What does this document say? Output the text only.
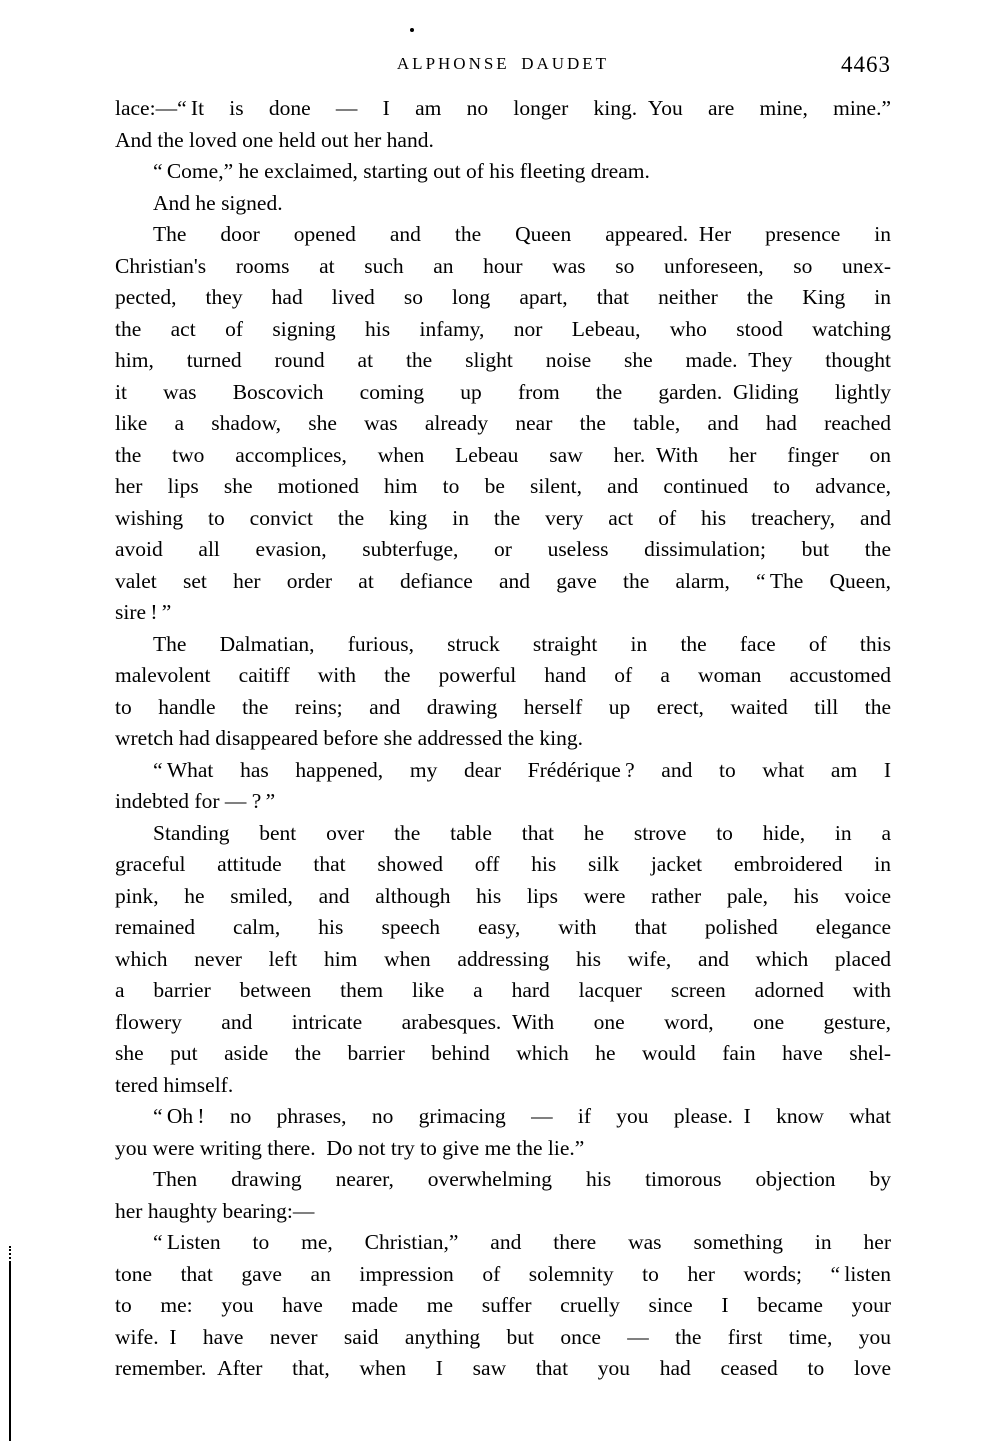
ALPHONSE DAUDET	4463
lace:—“ It is done — I am no longer king. You are mine, mine.”
And the loved one held out her hand.
“ Come,” he exclaimed, starting out of his fleeting dream.
And he signed.
The door opened and the Queen appeared. Her presence in
Christian's rooms at such an hour was so unforeseen, so unex-
pected, they had lived so long apart, that neither the King in
the act of signing his infamy, nor Lebeau, who stood watching
him, turned round at the slight noise she made. They thought
it was Boscovich coming up from the garden. Gliding lightly
like a shadow, she was already near the table, and had reached
the two accomplices, when Lebeau saw her. With her finger on
her lips she motioned him to be silent, and continued to advance,
wishing to convict the king in the very act of his treachery, and
avoid all evasion, subterfuge, or useless dissimulation; but the
valet set her order at defiance and gave the alarm, “ The Queen,
sire ! ”
The Dalmatian, furious, struck straight in the face of this
malevolent caitiff with the powerful hand of a woman accustomed
to handle the reins; and drawing herself up erect, waited till the
wretch had disappeared before she addressed the king.
“ What has happened, my dear Frédérique ? and to what am I
indebted for — ? ”
Standing bent over the table that he strove to hide, in a
graceful attitude that showed off his silk jacket embroidered in
pink, he smiled, and although his lips were rather pale, his voice
remained calm, his speech easy, with that polished elegance
which never left him when addressing his wife, and which placed
a barrier between them like a hard lacquer screen adorned with
flowery and intricate arabesques. With one word, one gesture,
she put aside the barrier behind which he would fain have shel-
tered himself.
“ Oh ! no phrases, no grimacing — if you please. I know what
you were writing there. Do not try to give me the lie.”
Then drawing nearer, overwhelming his timorous objection by
her haughty bearing:—
“ Listen to me, Christian,” and there was something in her
tone that gave an impression of solemnity to her words; “ listen
to me: you have made me suffer cruelly since I became your
wife. I have never said anything but once — the first time, you
remember. After that, when I saw that you had ceased to love
